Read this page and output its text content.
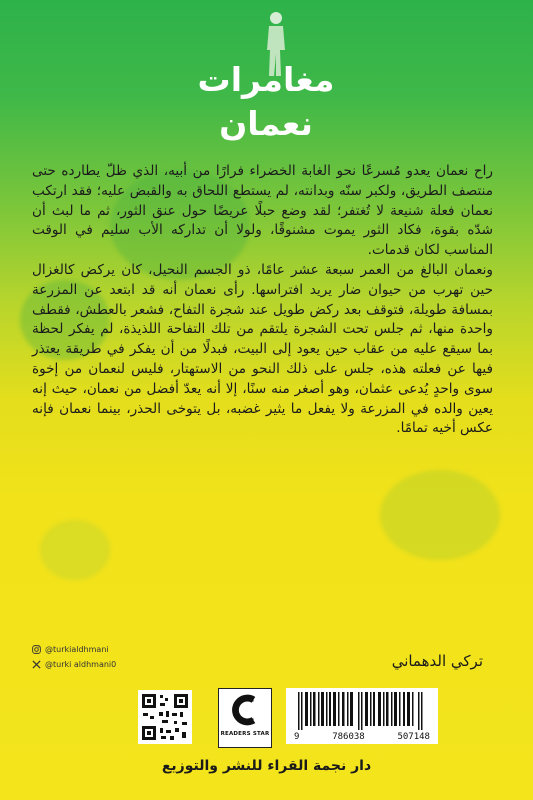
مغامرات
نعمان

راح نعمان يعدو مُسرعًا نحو الغابة الخضراء فرارًا من أبيه، الذي ظلّ يطارده حتى منتصف الطريق، ولكبر سنّه وبدانته، لم يستطع اللحاق به والقبض عليه؛ فقد ارتكب نعمان فعلة شنيعة لا تُغتفر؛ لقد وضع حبلًا عريضًا حول عنق الثور، ثم ما لبث أن شدّه بقوة، فكاد الثور يموت مشنوقًا، ولولا أن تداركه الأب سليم في الوقت المناسب لكان قدمات.

ونعمان البالغ من العمر سبعة عشر عامًا، ذو الجسم النحيل، كان يركض كالغزال حين تهرب من حيوان ضار يريد افتراسها. رأى نعمان أنه قد ابتعد عن المزرعة بمسافة طويلة، فتوقف بعد ركض طويل عند شجرة التفاح، فشعر بالعطش، فقطف واحدة منها، ثم جلس تحت الشجرة يلتقم من تلك التفاحة اللذيذة، لم يفكر لحظة بما سيقع عليه من عقاب حين يعود إلى البيت، فبدلًا من أن يفكر في طريقة يعتذر فيها عن فعلته هذه، جلس على ذلك النحو من الاستهتار، فليس لنعمان من إخوة سوى واحدٍ يُدعى عثمان، وهو أصغر منه سنًا، إلا أنه يعدّ أفضل من نعمان، حيث إنه يعين والده في المزرعة ولا يفعل ما يثير غضبه، بل يتوخى الحذر، بينما نعمان فإنه عكس أخيه تمامًا.

@turkialdhmani
@turki aldhmani0	تركي الدهماني
READERS STAR	9	786038	507148
دار نجمة القراء للنشر والتوزيع
